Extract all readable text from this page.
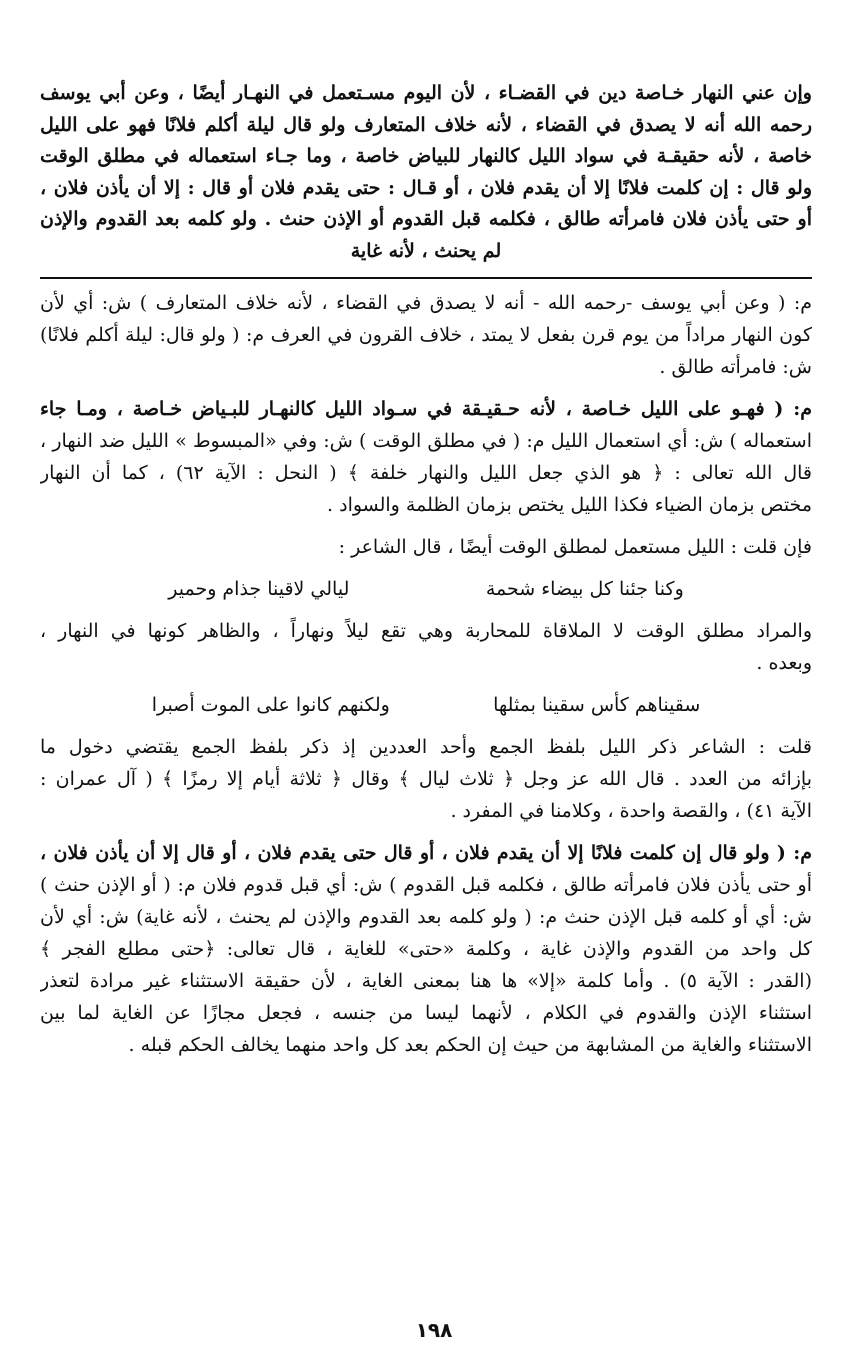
وإن عني النهار خـاصة دين في القضـاء ، لأن اليوم مسـتعمل في النهـار أيضًا ، وعن أبي يوسف
رحمه الله أنه لا يصدق في القضاء ، لأنه خلاف المتعارف ولو قال ليلة أكلم فلانًا فهو على الليل
خاصة ، لأنه حقيقـة في سواد الليل كالنهار للبياض خاصة ، وما جـاء استعماله في مطلق الوقت
ولو قال : إن كلمت فلانًا إلا أن يقدم فلان ، أو قـال : حتى يقدم فلان أو قال : إلا أن يأذن فلان ،
أو حتى يأذن فلان فامرأته طالق ، فكلمه قبل القدوم أو الإذن حنث . ولو كلمه بعد القدوم والإذن
لم يحنث ، لأنه غاية
م: ( وعن أبي يوسف -رحمه الله - أنه لا يصدق في القضاء ، لأنه خلاف المتعارف ) ش: أي لأن
كون النهار مراداً من يوم قرن بفعل لا يمتد ، خلاف القرون في العرف م: ( ولو قال: ليلة أكلم فلانًا)
ش: فامرأته طالق .
م: ( فهـو على الليل خـاصة ، لأنه حـقيـقة في سـواد الليل كالنهـار للبـياض خـاصة ، ومـا جاء
استعماله ) ش: أي استعمال الليل م: ( في مطلق الوقت ) ش: وفي «المبسوط » الليل ضد النهار ،
قال الله تعالى : ﴿ هو الذي جعل الليل والنهار خلفة ﴾ ( النحل : الآية ٦٢) ، كما أن النهار
مختص بزمان الضياء فكذا الليل يختص بزمان الظلمة والسواد .
فإن قلت : الليل مستعمل لمطلق الوقت أيضًا ، قال الشاعر :
وكنا جئنا كل بيضاء شحمة
ليالي لاقينا جذام وحمير
والمراد مطلق الوقت لا الملاقاة للمحاربة وهي تقع ليلاً ونهاراً ، والظاهر كونها في النهار ،
وبعده .
سقيناهم كأس سقينا بمثلها
ولكنهم كانوا على الموت أصبرا
قلت : الشاعر ذكر الليل بلفظ الجمع وأحد العددين إذ ذكر بلفظ الجمع يقتضي دخول ما
بإزائه من العدد . قال الله عز وجل ﴿ ثلاث ليال ﴾ وقال ﴿ ثلاثة أيام إلا رمزًا ﴾ ( آل عمران :
الآية ٤١) ، والقصة واحدة ، وكلامنا في المفرد .
م: ( ولو قال إن كلمت فلانًا إلا أن يقدم فلان ، أو قال حتى يقدم فلان ، أو قال إلا أن يأذن فلان ،
أو حتى يأذن فلان فامرأته طالق ، فكلمه قبل القدوم ) ش: أي قبل قدوم فلان م: ( أو الإذن حنث )
ش: أي أو كلمه قبل الإذن حنث م: ( ولو كلمه بعد القدوم والإذن لم يحنث ، لأنه غاية) ش: أي لأن
كل واحد من القدوم والإذن غاية ، وكلمة «حتى» للغاية ، قال تعالى: ﴿حتى مطلع الفجر ﴾
(القدر : الآية ٥) . وأما كلمة «إلا» ها هنا بمعنى الغاية ، لأن حقيقة الاستثناء غير مرادة لتعذر
استثناء الإذن والقدوم في الكلام ، لأنهما ليسا من جنسه ، فجعل مجازًا عن الغاية لما بين
الاستثناء والغاية من المشابهة من حيث إن الحكم بعد كل واحد منهما يخالف الحكم قبله .
١٩٨
